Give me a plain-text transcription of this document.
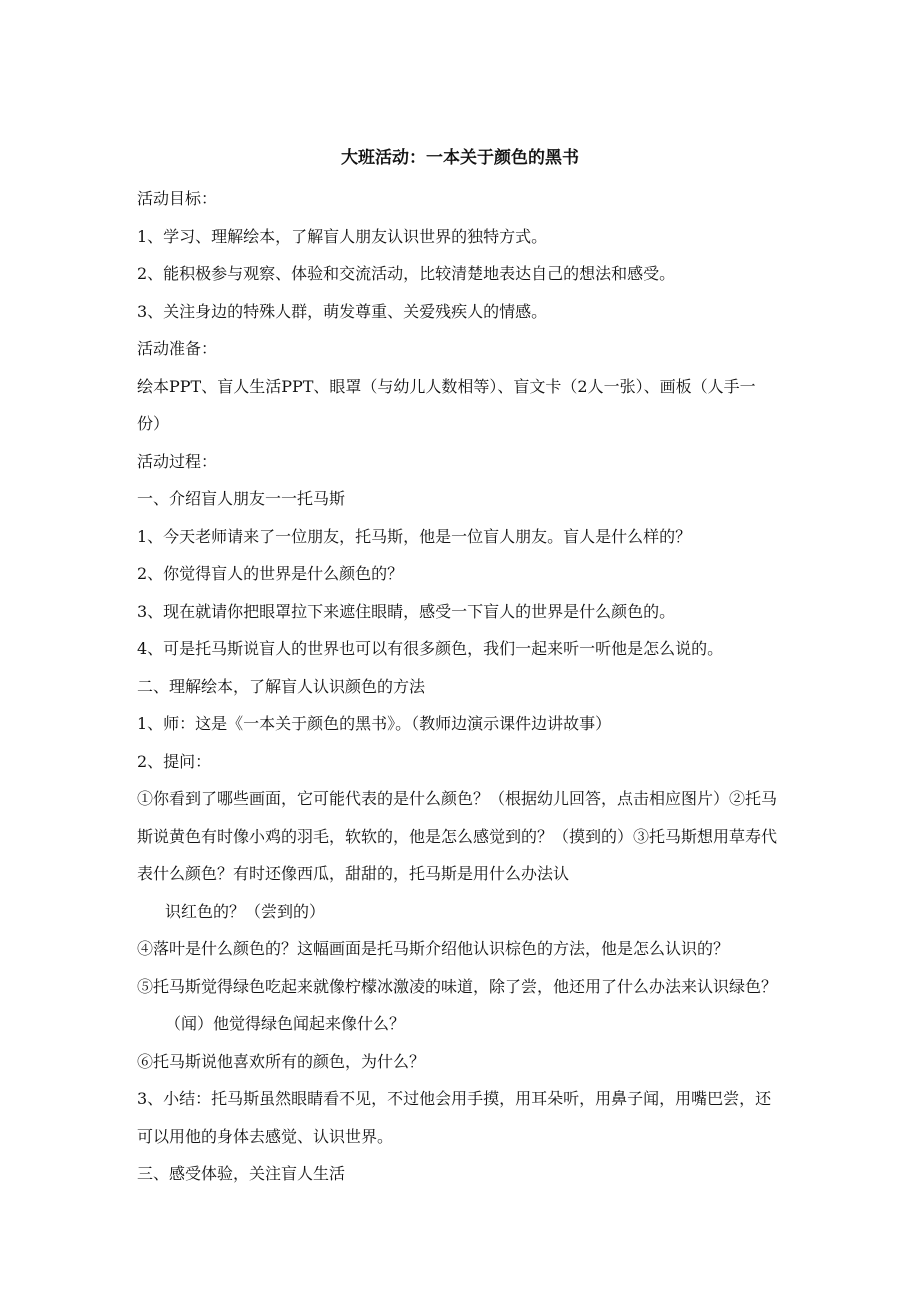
大班活动：一本关于颜色的黑书
活动目标：
1、学习、理解绘本，了解盲人朋友认识世界的独特方式。
2、能积极参与观察、体验和交流活动，比较清楚地表达自己的想法和感受。
3、关注身边的特殊人群，萌发尊重、关爱残疾人的情感。
活动准备：
绘本PPT、盲人生活PPT、眼罩（与幼儿人数相等）、盲文卡（2人一张）、画板（人手一
份）
活动过程：
一、介绍盲人朋友一一托马斯
1、今天老师请来了一位朋友，托马斯，他是一位盲人朋友。盲人是什么样的？
2、你觉得盲人的世界是什么颜色的？
3、现在就请你把眼罩拉下来遮住眼睛，感受一下盲人的世界是什么颜色的。
4、可是托马斯说盲人的世界也可以有很多颜色，我们一起来听一听他是怎么说的。
二、理解绘本，了解盲人认识颜色的方法
1、师：这是《一本关于颜色的黑书》。（教师边演示课件边讲故事）
2、提问：
①你看到了哪些画面，它可能代表的是什么颜色？（根据幼儿回答，点击相应图片）②托马
斯说黄色有时像小鸡的羽毛，软软的，他是怎么感觉到的？（摸到的）③托马斯想用草寿代
表什么颜色？有时还像西瓜，甜甜的，托马斯是用什么办法认
识红色的？（尝到的）
④落叶是什么颜色的？这幅画面是托马斯介绍他认识棕色的方法，他是怎么认识的？
⑤托马斯觉得绿色吃起来就像柠檬冰激凌的味道，除了尝，他还用了什么办法来认识绿色？
（闻）他觉得绿色闻起来像什么？
⑥托马斯说他喜欢所有的颜色，为什么？
3、小结：托马斯虽然眼睛看不见，不过他会用手摸，用耳朵听，用鼻子闻，用嘴巴尝，还
可以用他的身体去感觉、认识世界。
三、感受体验，关注盲人生活
